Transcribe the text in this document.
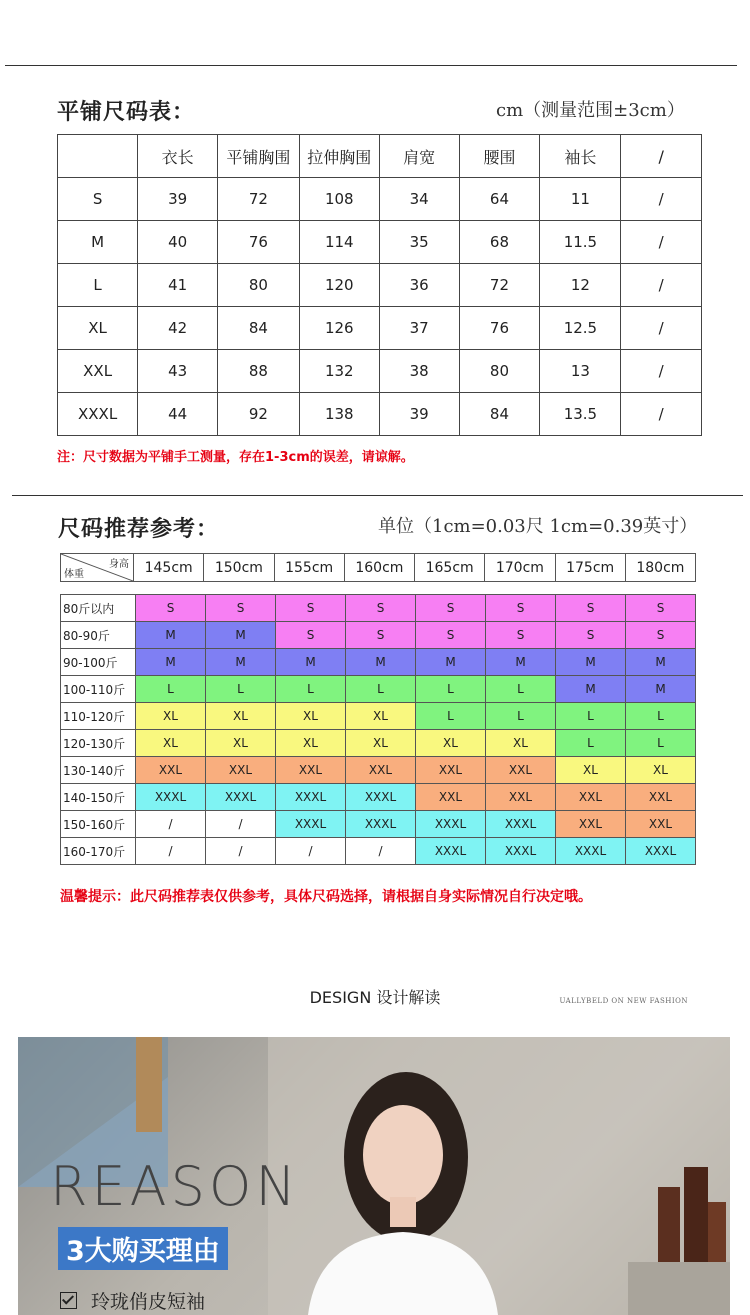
平铺尺码表：	cm（测量范围±3cm）
	衣长	平铺胸围	拉伸胸围	肩宽	腰围	袖长	/
S	39	72	108	34	64	11	/
M	40	76	114	35	68	11.5	/
L	41	80	120	36	72	12	/
XL	42	84	126	37	76	12.5	/
XXL	43	88	132	38	80	13	/
XXXL	44	92	138	39	84	13.5	/
注：尺寸数据为平铺手工测量，存在1-3cm的误差，请谅解。
尺码推荐参考：	单位（1cm=0.03尺 1cm=0.39英寸）
身高
体重	145cm	150cm	155cm	160cm	165cm	170cm	175cm	180cm
80斤以内	S	S	S	S	S	S	S	S
80-90斤	M	M	S	S	S	S	S	S
90-100斤	M	M	M	M	M	M	M	M
100-110斤	L	L	L	L	L	L	M	M
110-120斤	XL	XL	XL	XL	L	L	L	L
120-130斤	XL	XL	XL	XL	XL	XL	L	L
130-140斤	XXL	XXL	XXL	XXL	XXL	XXL	XL	XL
140-150斤	XXXL	XXXL	XXXL	XXXL	XXL	XXL	XXL	XXL
150-160斤	/	/	XXXL	XXXL	XXXL	XXXL	XXL	XXL
160-170斤	/	/	/	/	XXXL	XXXL	XXXL	XXXL
温馨提示：此尺码推荐表仅供参考，具体尺码选择，请根据自身实际情况自行决定哦。
DESIGN 设计解读	UALLYBELD ON NEW FASHION
REASON
3大购买理由
玲珑俏皮短袖
